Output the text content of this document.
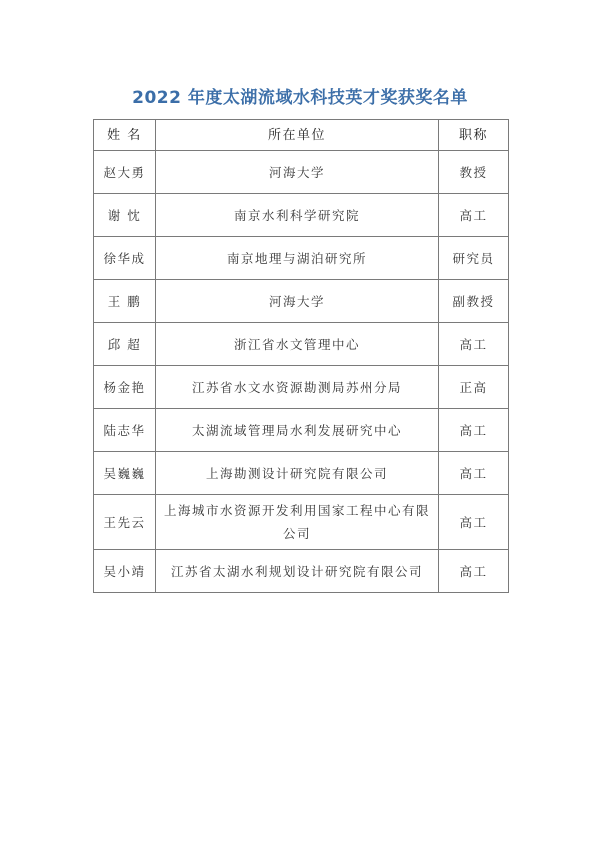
2022 年度太湖流域水科技英才奖获奖名单
姓 名	所在单位	职称
赵大勇	河海大学	教授
谢 忱	南京水利科学研究院	高工
徐华成	南京地理与湖泊研究所	研究员
王 鹏	河海大学	副教授
邱 超	浙江省水文管理中心	高工
杨金艳	江苏省水文水资源勘测局苏州分局	正高
陆志华	太湖流域管理局水利发展研究中心	高工
吴巍巍	上海勘测设计研究院有限公司	高工
王先云	上海城市水资源开发利用国家工程中心有限公司	高工
吴小靖	江苏省太湖水利规划设计研究院有限公司	高工
